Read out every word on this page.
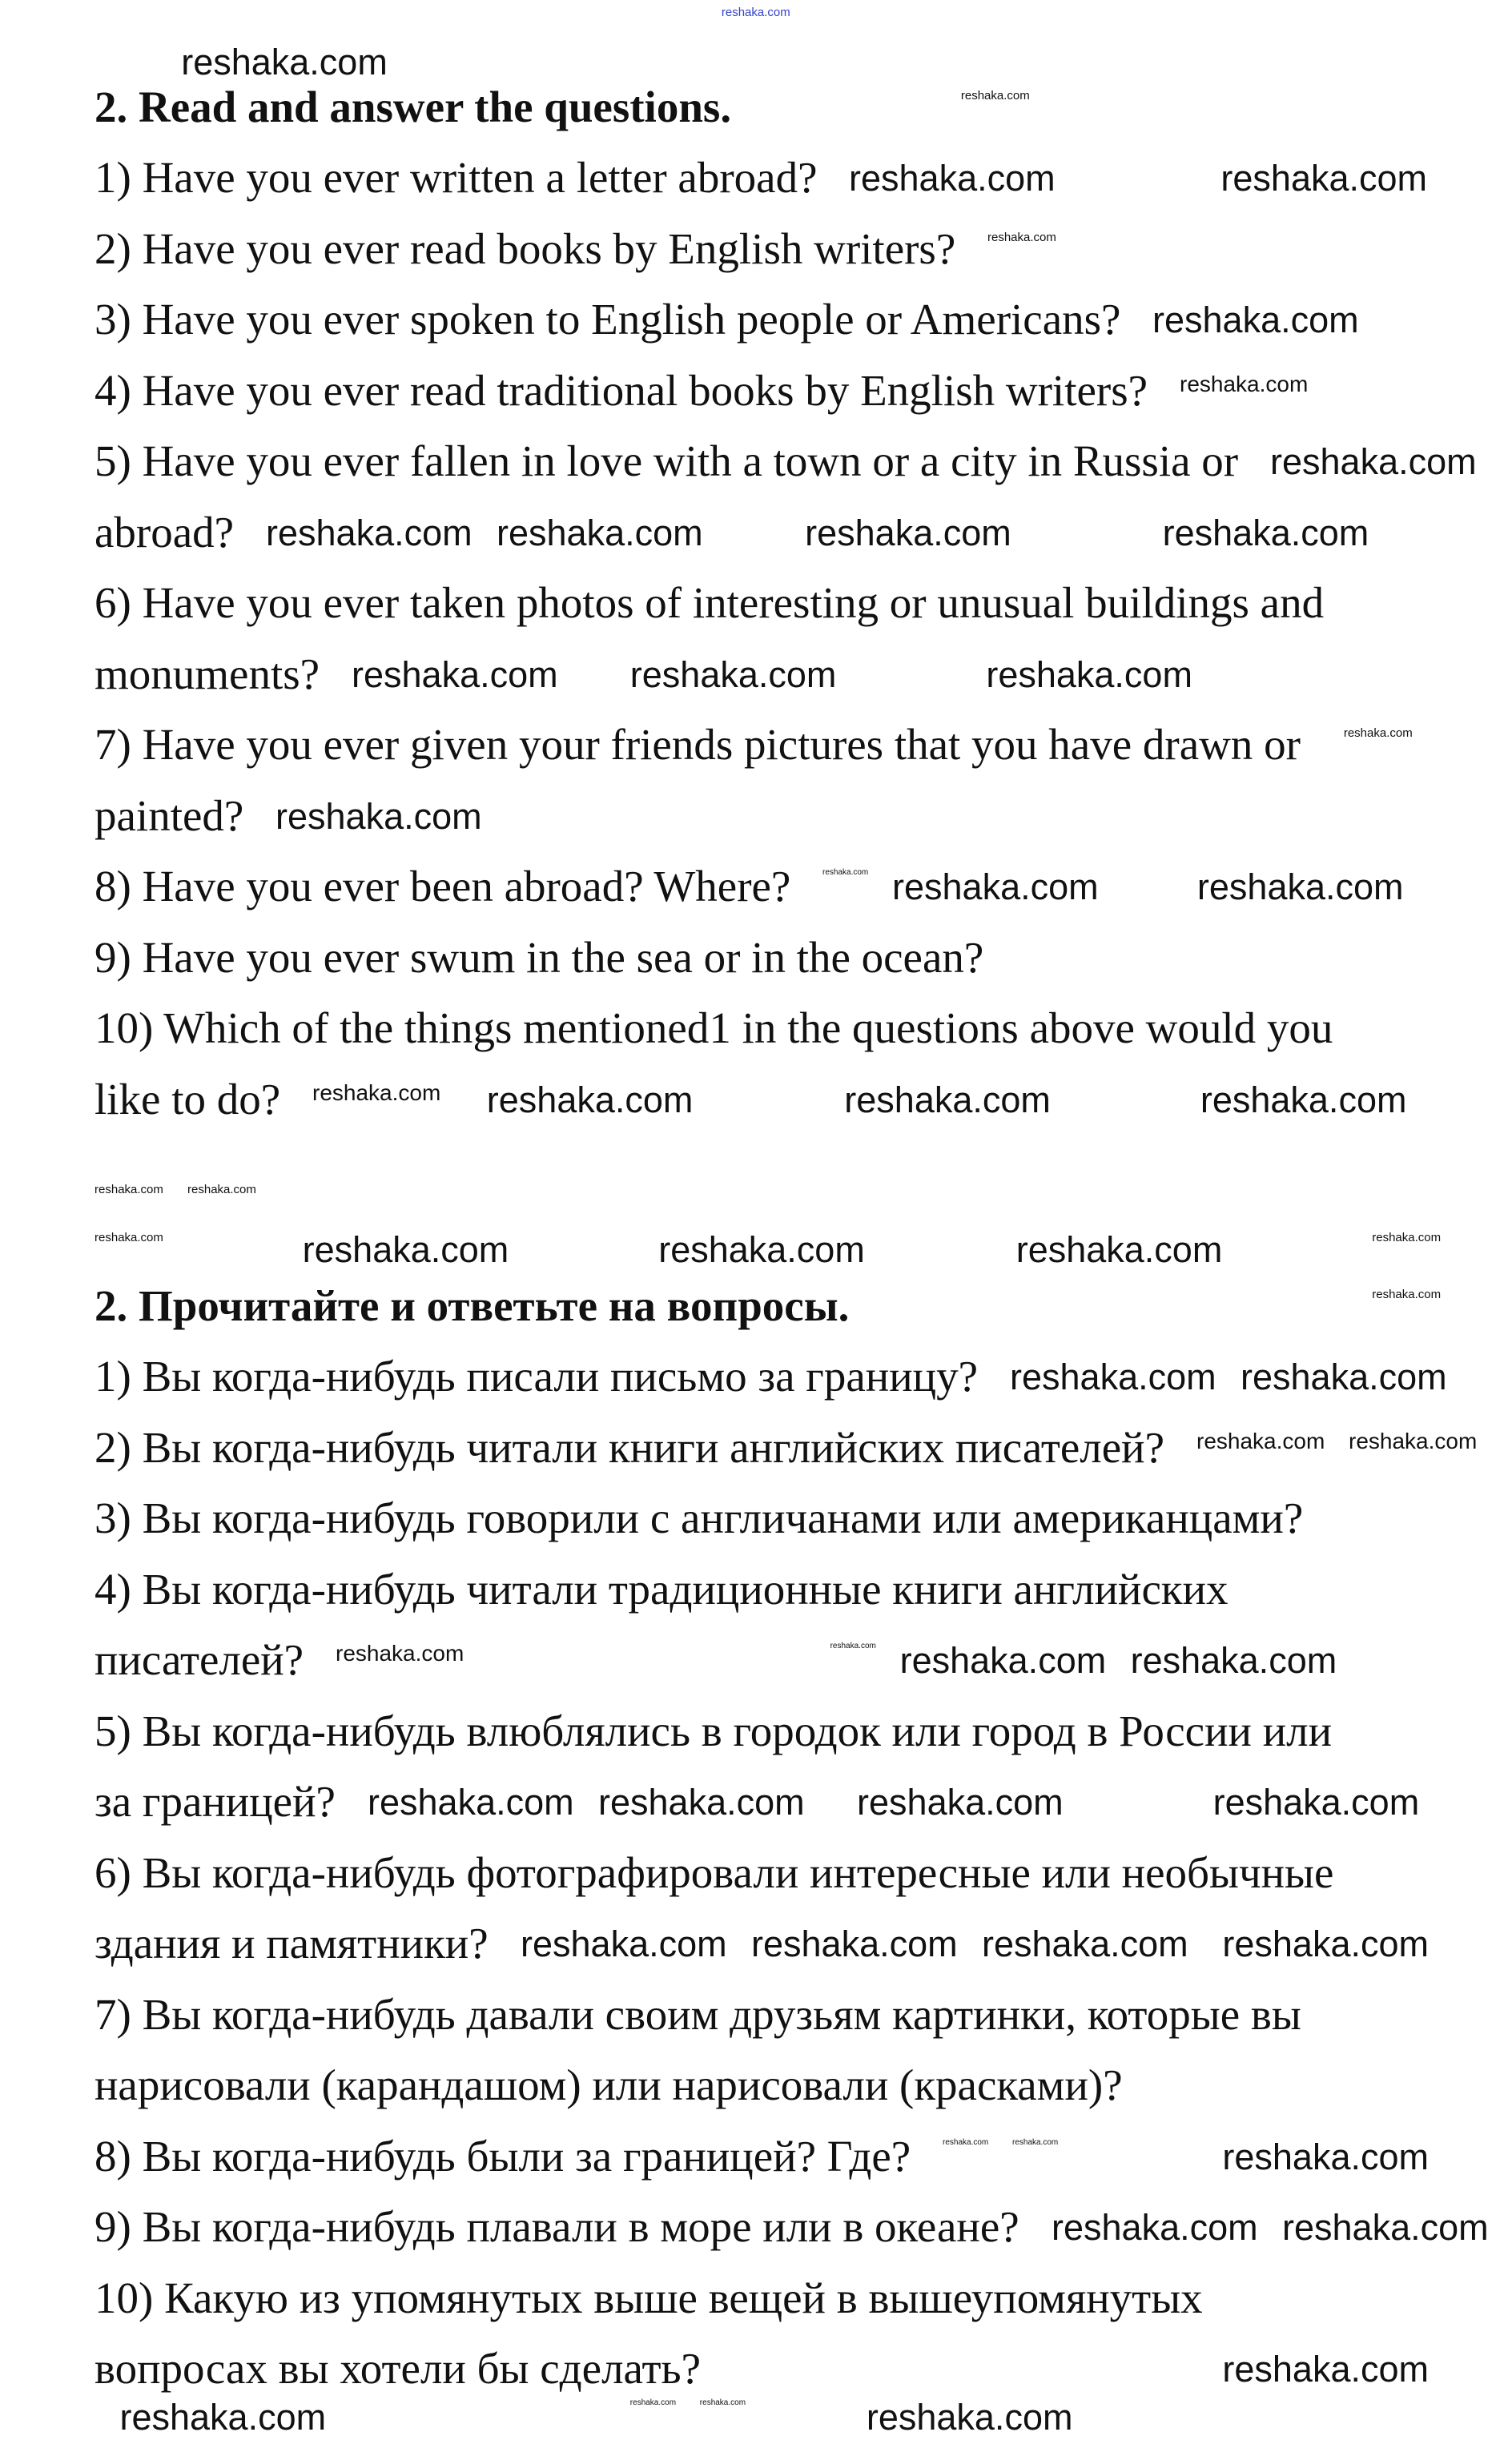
2. Read and answer the questions.
1) Have you ever written a letter abroad?
2) Have you ever read books by English writers?
3) Have you ever spoken to English people or Americans?
4) Have you ever read traditional books by English writers?
5) Have you ever fallen in love with a town or a city in Russia or
abroad?
6) Have you ever taken photos of interesting or unusual buildings and
monuments?
7) Have you ever given your friends pictures that you have drawn or
painted?
8) Have you ever been abroad? Where?
9) Have you ever swum in the sea or in the ocean?
10) Which of the things mentioned1 in the questions above would you
like to do?
2. Прочитайте и ответьте на вопросы.
1) Вы когда-нибудь писали письмо за границу?
2) Вы когда-нибудь читали книги английских писателей?
3) Вы когда-нибудь говорили с англичанами или американцами?
4) Вы когда-нибудь читали традиционные книги английских
писателей?
5) Вы когда-нибудь влюблялись в городок или город в России или
за границей?
6) Вы когда-нибудь фотографировали интересные или необычные
здания и памятники?
7) Вы когда-нибудь давали своим друзьям картинки, которые вы
нарисовали (карандашом) или нарисовали (красками)?
8) Вы когда-нибудь были за границей? Где?
9) Вы когда-нибудь плавали в море или в океане?
10) Какую из упомянутых выше вещей в вышеупомянутых
вопросах вы хотели бы сделать?
reshaka.com
reshaka.com
reshaka.com
reshaka.com
reshaka.com
reshaka.com
reshaka.com
reshaka.com
reshaka.com
reshaka.com
reshaka.com	reshaka.com	reshaka.com
reshaka.com reshaka.com	reshaka.com
reshaka.com
reshaka.com
reshaka.com reshaka.com	reshaka.com
reshaka.com reshaka.com	reshaka.com	reshaka.com
reshaka.com
reshaka.com	reshaka.com	reshaka.com	reshaka.com	reshaka.com
reshaka.com
reshaka.com
reshaka.com
reshaka.com reshaka.com
reshaka.com
reshaka.com	reshaka.com reshaka.com reshaka.com
reshaka.com reshaka.com reshaka.com	reshaka.com
reshaka.com reshaka.com reshaka.com reshaka.com
reshaka.com	reshaka.com	reshaka.com
reshaka.com reshaka.com
reshaka.com
reshaka.com	reshaka.com	reshaka.com	reshaka.com
